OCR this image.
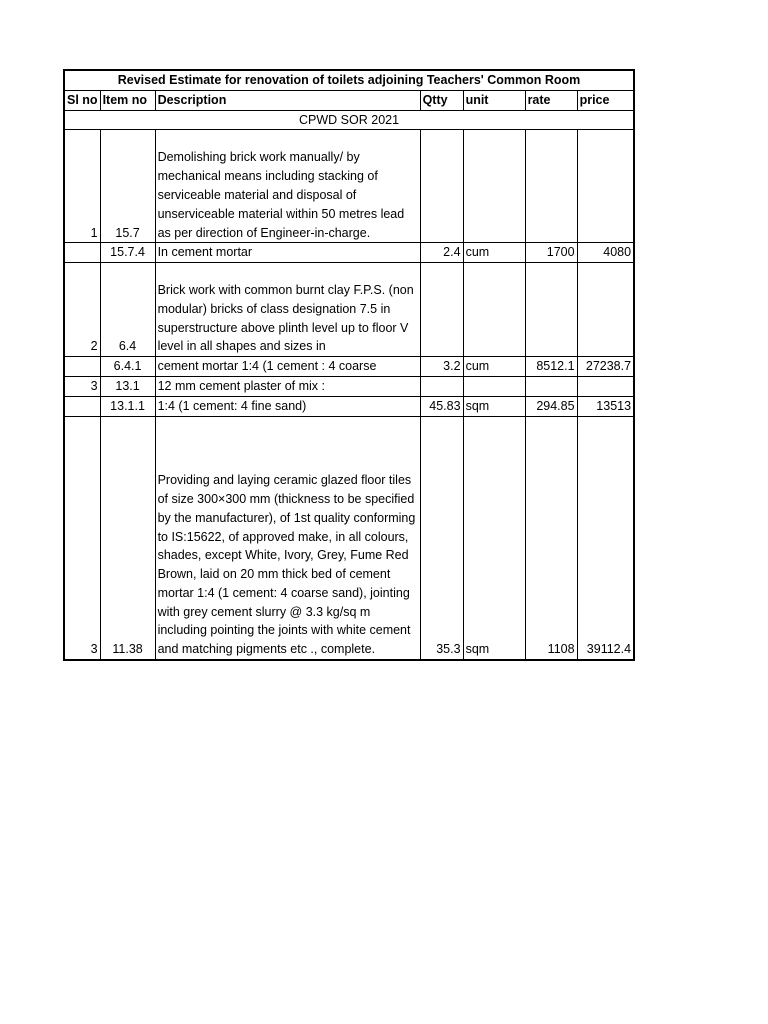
Revised Estimate for renovation of toilets adjoining Teachers' Common Room						
Sl no	Item no	Description	Qtty	unit	rate	price
CPWD SOR 2021						
1	15.7	Demolishing brick work manually/ by mechanical means including stacking of serviceable material and disposal of unserviceable material within 50 metres lead as per direction of Engineer-in-charge.				
	15.7.4	In cement mortar	2.4	cum	1700	4080
2	6.4	Brick work with common burnt clay F.P.S. (non modular) bricks of class designation 7.5 in superstructure above plinth level up to floor V level in all shapes and sizes in				
	6.4.1	cement mortar 1:4 (1 cement : 4 coarse	3.2	cum	8512.1	27238.7
3	13.1	12 mm cement plaster of mix :				
	13.1.1	1:4 (1 cement: 4 fine sand)	45.83	sqm	294.85	13513
3	11.38	Providing and laying ceramic glazed floor tiles of size 300×300 mm (thickness to be specified by the manufacturer), of 1st quality conforming to IS:15622, of approved make, in all colours, shades, except White, Ivory, Grey, Fume Red Brown, laid on 20 mm thick bed of cement mortar 1:4 (1 cement: 4 coarse sand), jointing with grey cement slurry @ 3.3 kg/sq m including pointing the joints with white cement and matching pigments etc ., complete.	35.3	sqm	1108	39112.4
